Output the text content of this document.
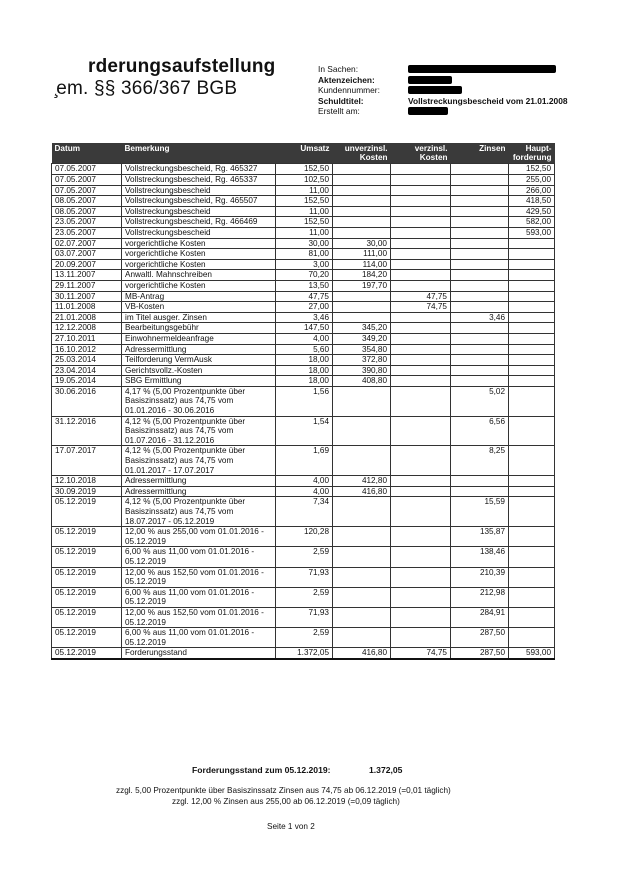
rderungsaufstellung
̧em. §§ 366/367 BGB
In Sachen:
Aktenzeichen:
Kundennummer:
Schuldtitel:	Vollstreckungsbescheid vom 21.01.2008
Erstellt am:
Datum	Bemerkung	Umsatz	unverzinsl. Kosten	verzinsl. Kosten	Zinsen	Haupt-forderung
07.05.2007	Vollstreckungsbescheid, Rg. 465327	152,50				152,50
07.05.2007	Vollstreckungsbescheid, Rg. 465337	102,50				255,00
07.05.2007	Vollstreckungsbescheid	11,00				266,00
08.05.2007	Vollstreckungsbescheid, Rg. 465507	152,50				418,50
08.05.2007	Vollstreckungsbescheid	11,00				429,50
23.05.2007	Vollstreckungsbescheid, Rg. 466469	152,50				582,00
23.05.2007	Vollstreckungsbescheid	11,00				593,00
02.07.2007	vorgerichtliche Kosten	30,00	30,00			
03.07.2007	vorgerichtliche Kosten	81,00	111,00			
20.09.2007	vorgerichtliche Kosten	3,00	114,00			
13.11.2007	Anwaltl. Mahnschreiben	70,20	184,20			
29.11.2007	vorgerichtliche Kosten	13,50	197,70			
30.11.2007	MB-Antrag	47,75		47,75		
11.01.2008	VB-Kosten	27,00		74,75		
21.01.2008	im Titel ausger. Zinsen	3,46			3,46	
12.12.2008	Bearbeitungsgebühr	147,50	345,20			
27.10.2011	Einwohnermeldeanfrage	4,00	349,20			
16.10.2012	Adressermittlung	5,60	354,80			
25.03.2014	Teilforderung VermAusk	18,00	372,80			
23.04.2014	Gerichtsvollz.-Kosten	18,00	390,80			
19.05.2014	SBG Ermittlung	18,00	408,80			
30.06.2016	4,17 % (5,00 Prozentpunkte über Basiszinssatz) aus 74,75 vom 01.01.2016 - 30.06.2016	1,56			5,02	
31.12.2016	4,12 % (5,00 Prozentpunkte über Basiszinssatz) aus 74,75 vom 01.07.2016 - 31.12.2016	1,54			6,56	
17.07.2017	4,12 % (5,00 Prozentpunkte über Basiszinssatz) aus 74,75 vom 01.01.2017 - 17.07.2017	1,69			8,25	
12.10.2018	Adressermittlung	4,00	412,80			
30.09.2019	Adressermittlung	4,00	416,80			
05.12.2019	4,12 % (5,00 Prozentpunkte über Basiszinssatz) aus 74,75 vom 18.07.2017 - 05.12.2019	7,34			15,59	
05.12.2019	12,00 % aus 255,00 vom 01.01.2016 - 05.12.2019	120,28			135,87	
05.12.2019	6,00 % aus 11,00 vom 01.01.2016 - 05.12.2019	2,59			138,46	
05.12.2019	12,00 % aus 152,50 vom 01.01.2016 - 05.12.2019	71,93			210,39	
05.12.2019	6,00 % aus 11,00 vom 01.01.2016 - 05.12.2019	2,59			212,98	
05.12.2019	12,00 % aus 152,50 vom 01.01.2016 - 05.12.2019	71,93			284,91	
05.12.2019	6,00 % aus 11,00 vom 01.01.2016 - 05.12.2019	2,59			287,50	
05.12.2019	Forderungsstand	1.372,05	416,80	74,75	287,50	593,00
Forderungsstand zum 05.12.2019:	1.372,05
zzgl. 5,00 Prozentpunkte über Basiszinssatz Zinsen aus 74,75 ab 06.12.2019 (=0,01 täglich)
zzgl. 12,00 % Zinsen aus 255,00 ab 06.12.2019 (=0,09 täglich)
Seite 1 von 2
